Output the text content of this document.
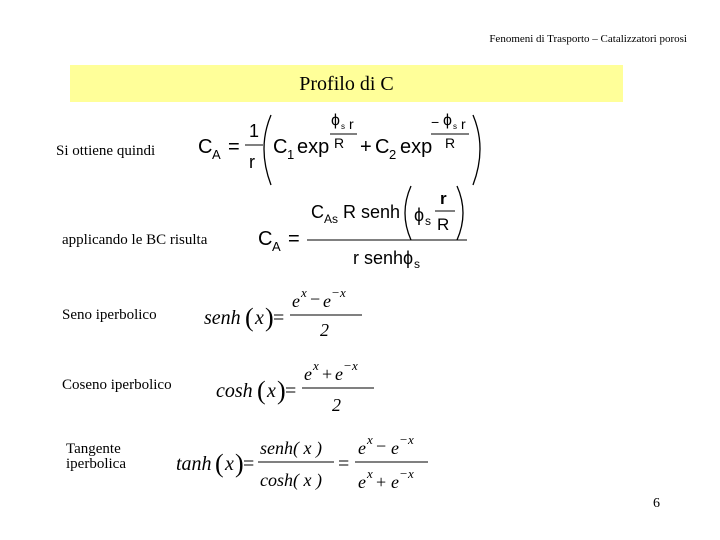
Fenomeni di Trasporto – Catalizzatori porosi
Profilo di C
Si ottiene quindi
applicando le BC risulta
Seno iperbolico
Coseno iperbolico
Tangente
iperbolica
C A =
1
r
C 1 exp
ϕ s r
R + C 2 exp
− ϕ s r
R
C A =
C As R senh ϕ s
r
R
r senh ϕ s
senh ( x ) =
e x − e − x
2
cosh ( x ) =
e x + e − x
2
tanh ( x ) =
senh( x )
cosh( x )
=
e x − e − x
e x + e − x
6
